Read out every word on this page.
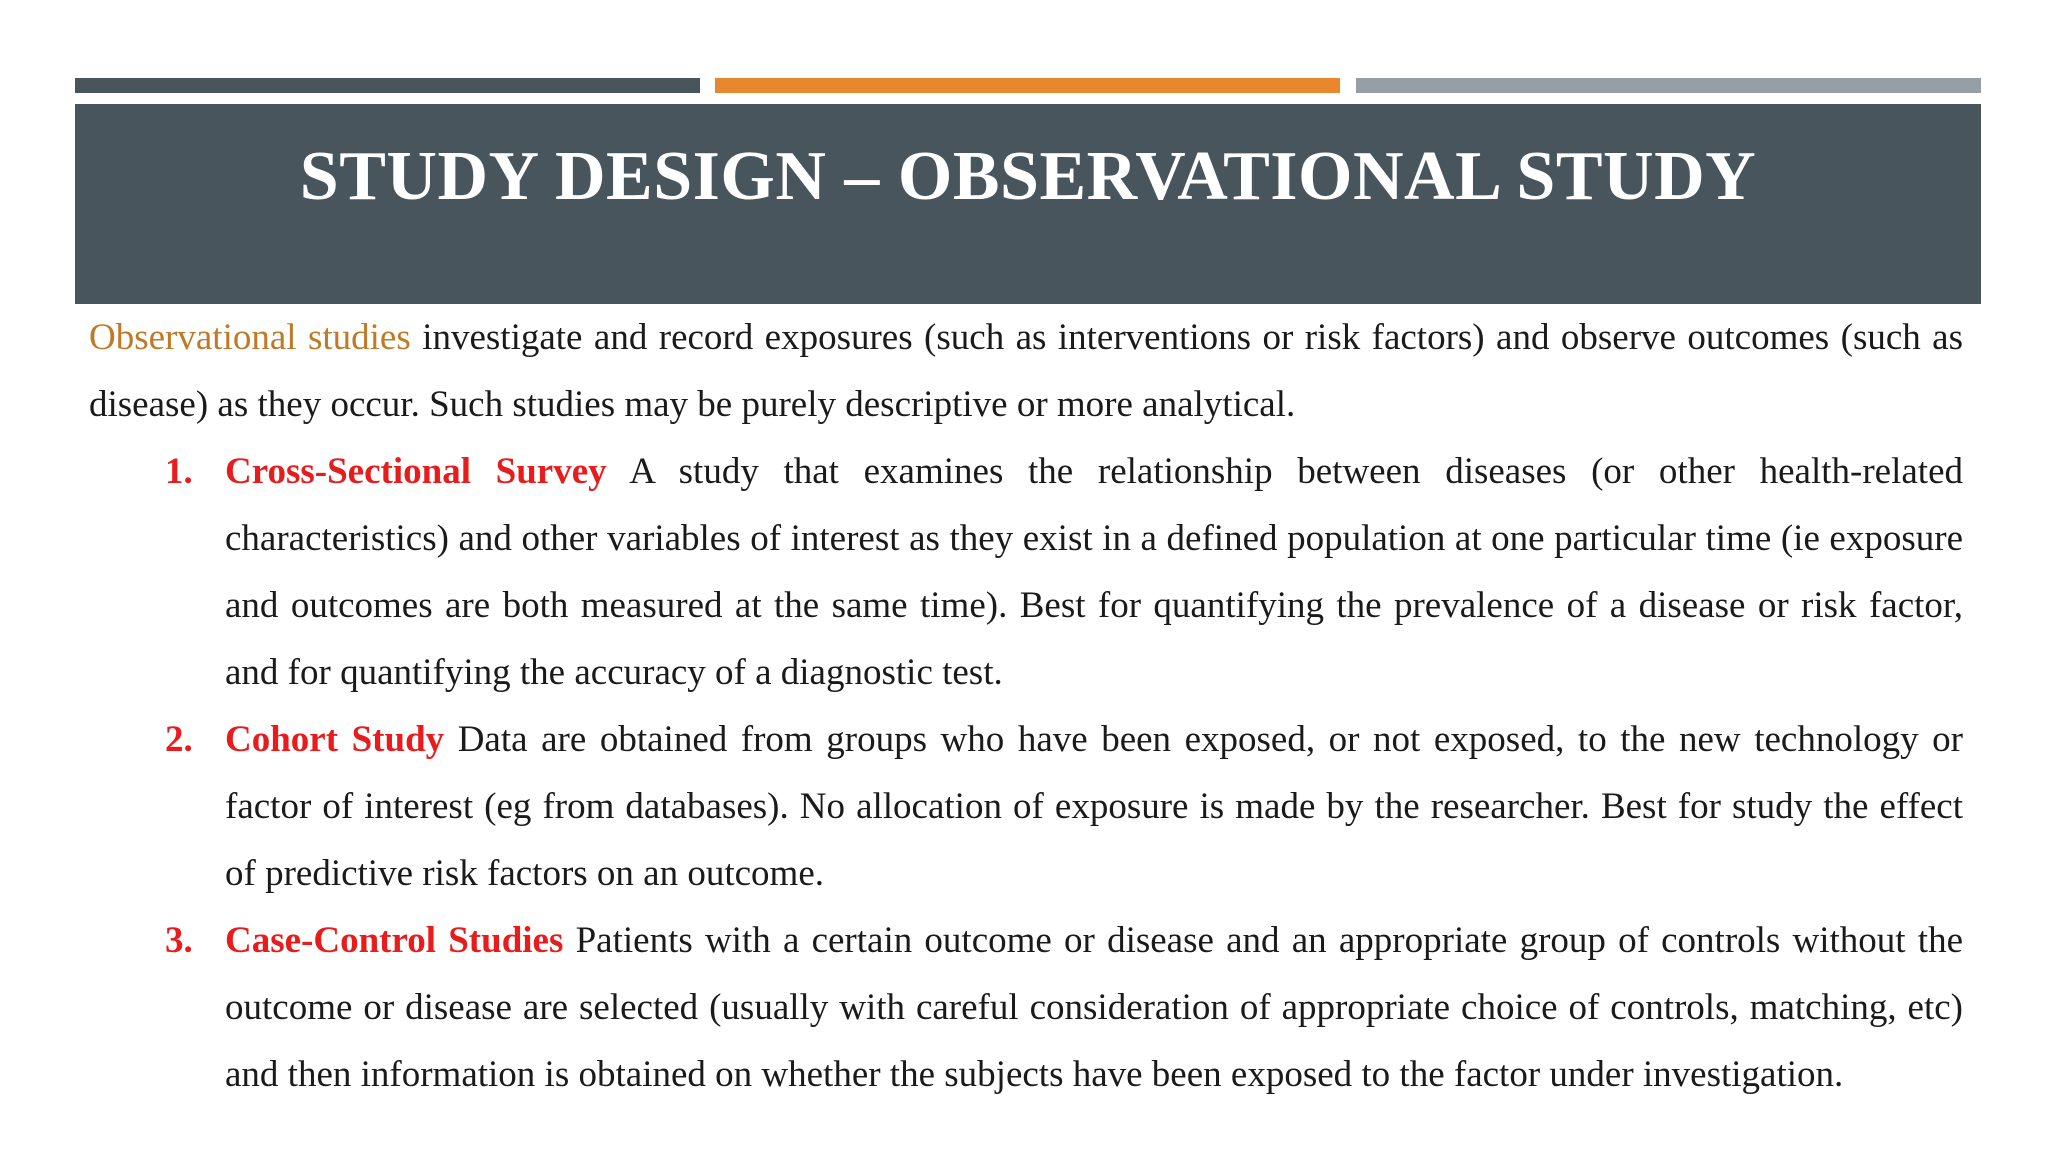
STUDY DESIGN – OBSERVATIONAL STUDY

Observational studies investigate and record exposures (such as interventions or risk factors) and observe outcomes (such as disease) as they occur. Such studies may be purely descriptive or more analytical.

1. Cross-Sectional Survey A study that examines the relationship between diseases (or other health-related characteristics) and other variables of interest as they exist in a defined population at one particular time (ie exposure and outcomes are both measured at the same time). Best for quantifying the prevalence of a disease or risk factor, and for quantifying the accuracy of a diagnostic test.
2. Cohort Study Data are obtained from groups who have been exposed, or not exposed, to the new technology or factor of interest (eg from databases). No allocation of exposure is made by the researcher. Best for study the effect of predictive risk factors on an outcome.
3. Case-Control Studies Patients with a certain outcome or disease and an appropriate group of controls without the outcome or disease are selected (usually with careful consideration of appropriate choice of controls, matching, etc) and then information is obtained on whether the subjects have been exposed to the factor under investigation.
